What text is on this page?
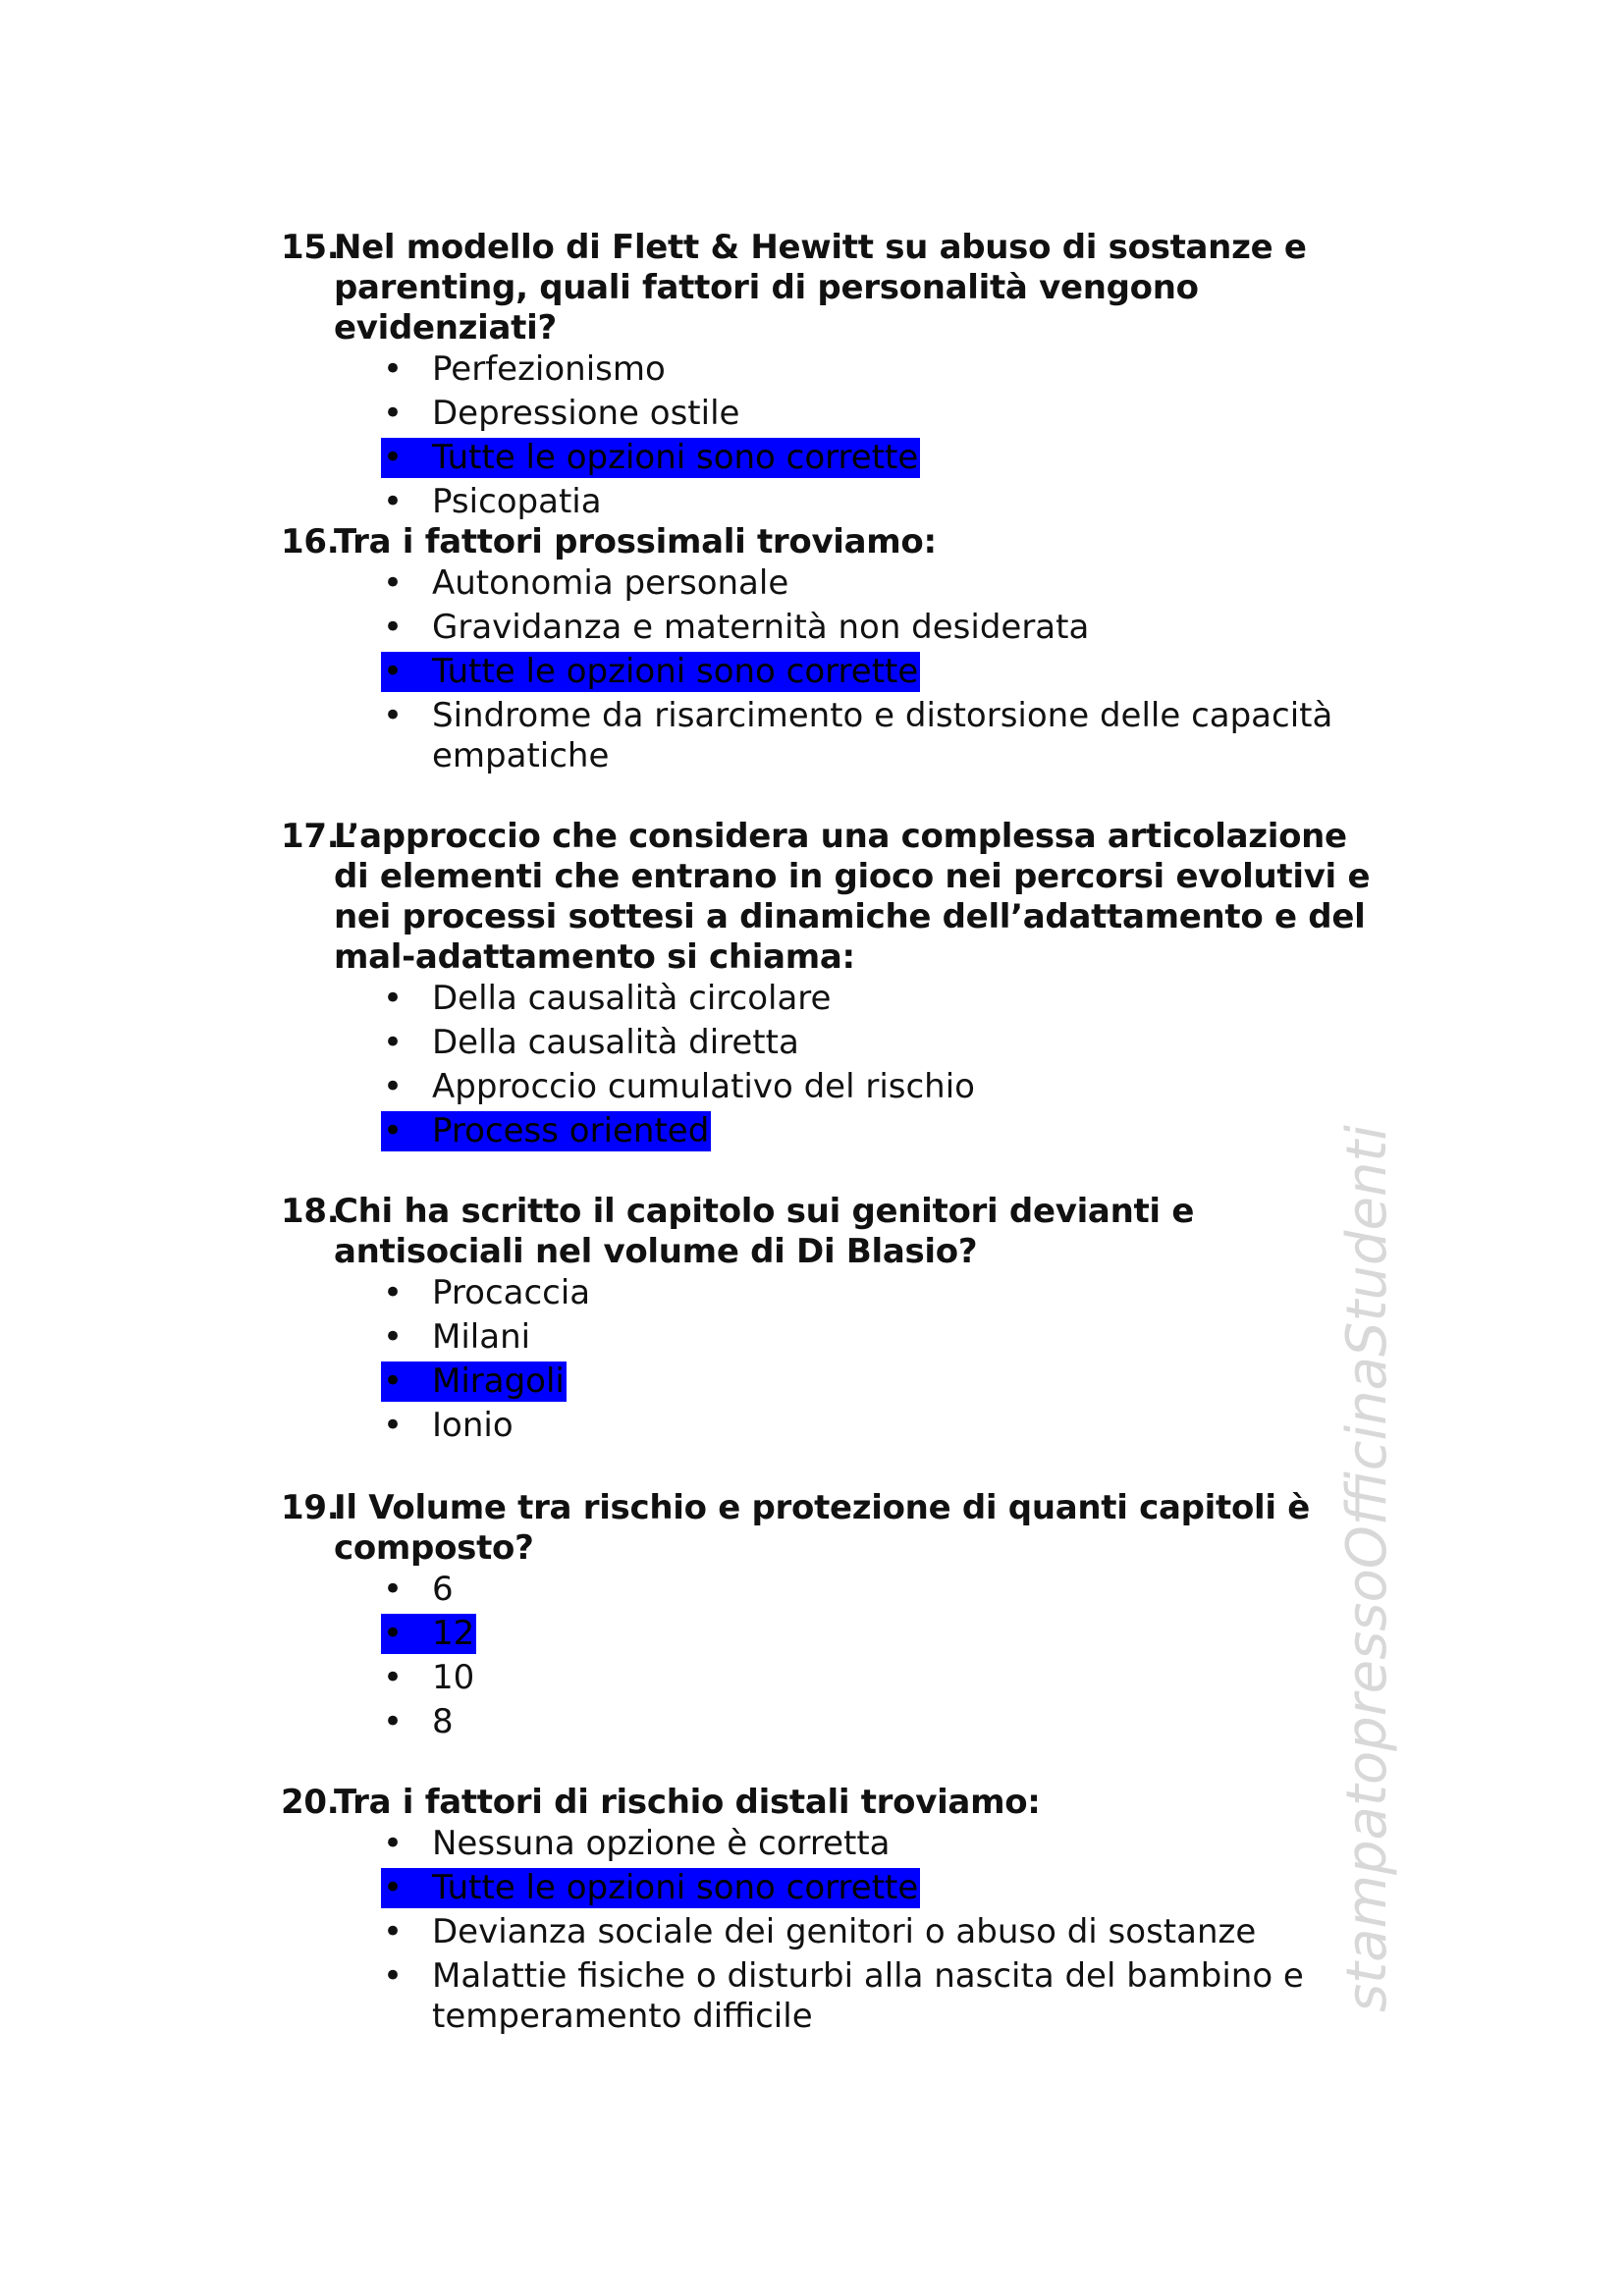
15.
Nel modello di Flett & Hewitt su abuso di sostanze e parenting, quali fattori di personalità vengono evidenziati?
• Perfezionismo
• Depressione ostile
• Tutte le opzioni sono corrette
• Psicopatia
16.
Tra i fattori prossimali troviamo:
• Autonomia personale
• Gravidanza e maternità non desiderata
• Tutte le opzioni sono corrette
• Sindrome da risarcimento e distorsione delle capacità empatiche
17.
L’approccio che considera una complessa articolazione di elementi che entrano in gioco nei percorsi evolutivi e nei processi sottesi a dinamiche dell’adattamento e del mal-adattamento si chiama:
• Della causalità circolare
• Della causalità diretta
• Approccio cumulativo del rischio
• Process oriented
18.
Chi ha scritto il capitolo sui genitori devianti e antisociali nel volume di Di Blasio?
• Procaccia
• Milani
• Miragoli
• Ionio
19.
Il Volume tra rischio e protezione di quanti capitoli è composto?
• 6
• 12
• 10
• 8
20.
Tra i fattori di rischio distali troviamo:
• Nessuna opzione è corretta
• Tutte le opzioni sono corrette
• Devianza sociale dei genitori o abuso di sostanze
• Malattie fisiche o disturbi alla nascita del bambino e temperamento difficile
stampatopressoOfficinaStudenti
